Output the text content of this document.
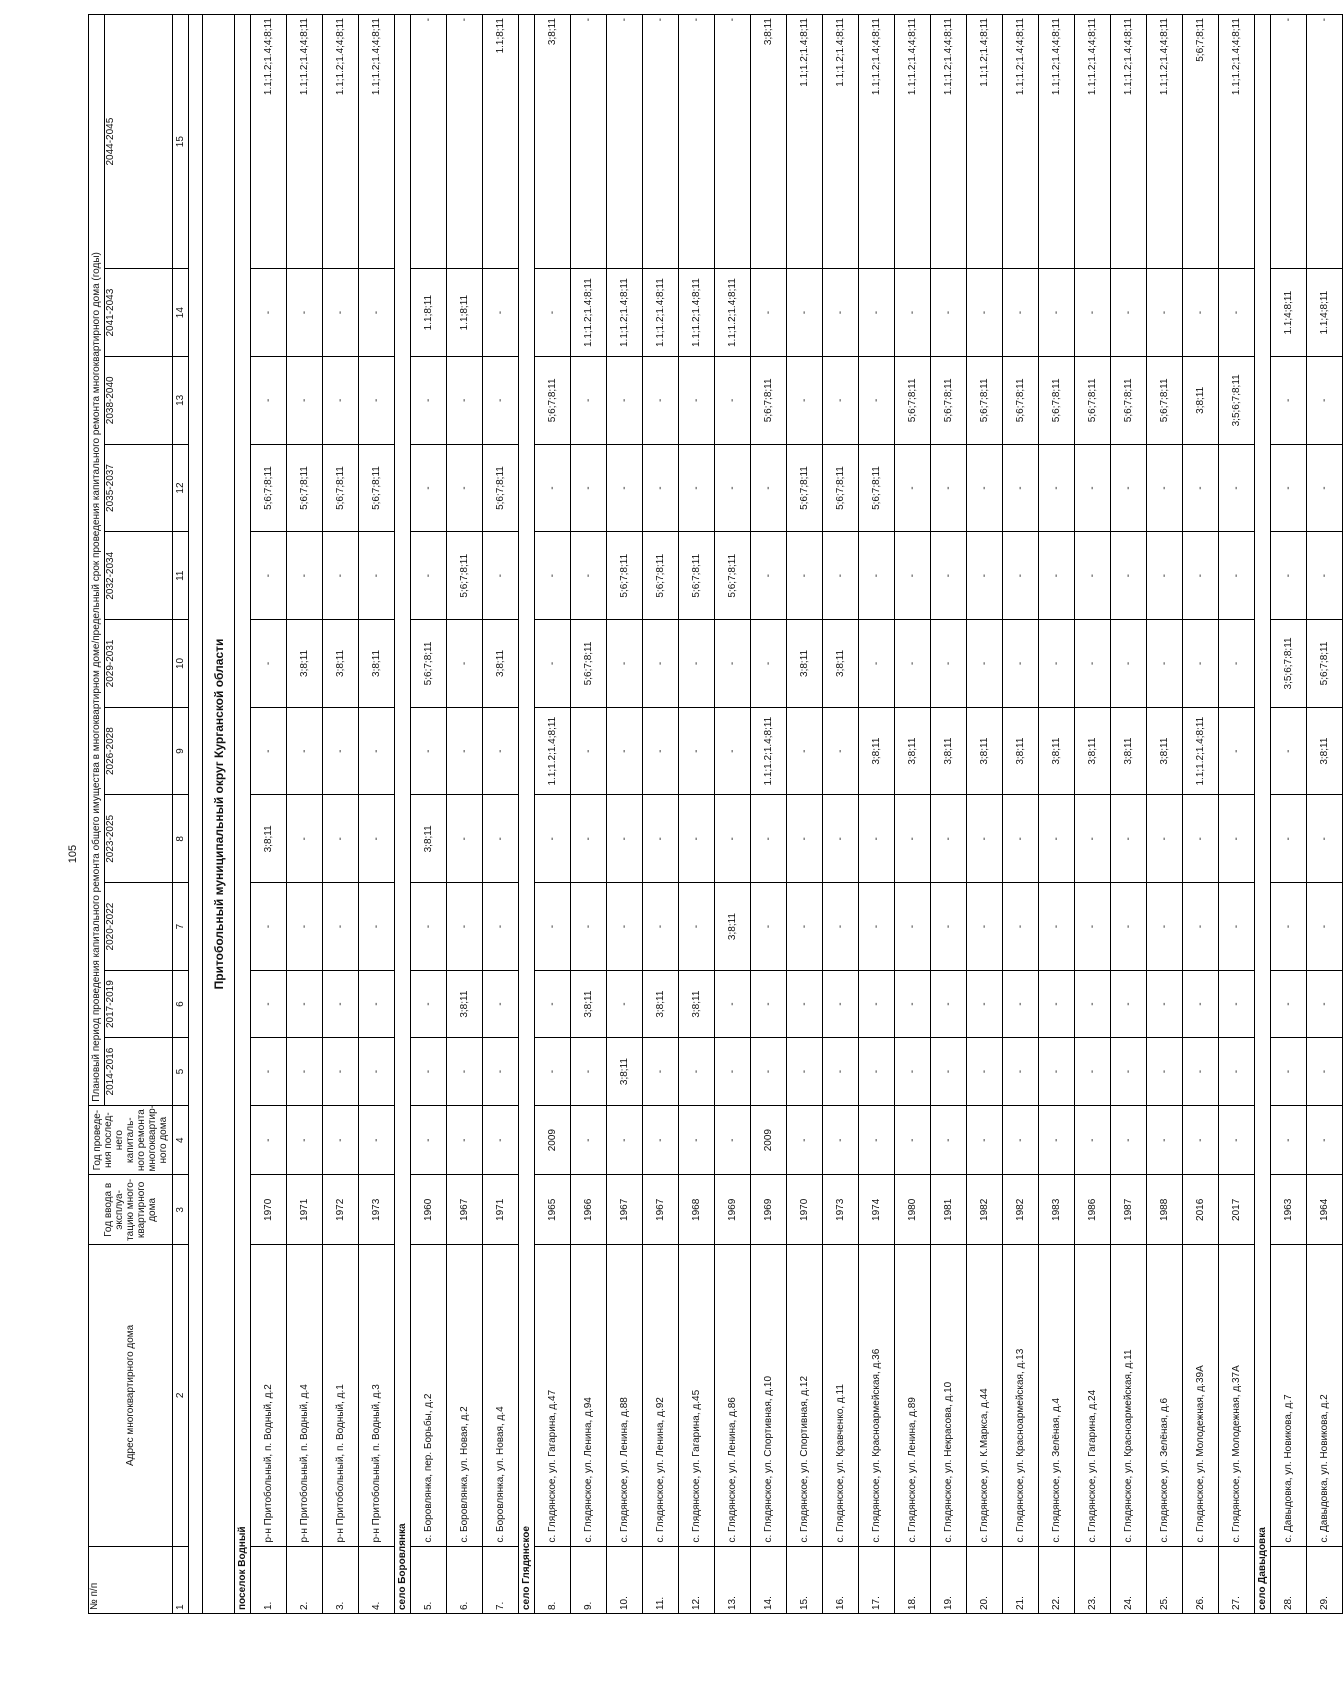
105
№ п/п	Адрес многоквартирного дома	Год ввода в эксплуа- тацию много- квартирного дома	Год проведе- ния послед- него капиталь- ного ремонта многоквартир- ного дома	Плановый период проведения капитального ремонта общего имущества в многоквартирном доме/предельный срок проведения капитального ремонта многоквартирного дома (годы)										
				2014-2016	2017-2019	2020-2022	2023-2025	2026-2028	2029-2031	2032-2034	2035-2037	2038-2040	2041-2043	2044-2045
1	2	3	4	5	6	7	8	9	10	11	12	13	14	15

Притобольный муниципальный округ Курганской области														
поселок Водный														
1.	р-н Притобольный, п. Водный, д.2	1970	-	-	-	-	3;8;11	-	-	-	5;6;7;8;11	-	-	1.1;1.2;1.4;4;8;11
2.	р-н Притобольный, п. Водный, д.4	1971	-	-	-	-	-	-	3;8;11	-	5;6;7;8;11	-	-	1.1;1.2;1.4;4;8;11
3.	р-н Притобольный, п. Водный, д.1	1972	-	-	-	-	-	-	3;8;11	-	5;6;7;8;11	-	-	1.1;1.2;1.4;4;8;11
4.	р-н Притобольный, п. Водный, д.3	1973	-	-	-	-	-	-	3;8;11	-	5;6;7;8;11	-	-	1.1;1.2;1.4;4;8;11
село Боровлянка														
5.	с. Боровлянка, пер. Борьбы, д.2	1960	-	-	-	-	3;8;11	-	5;6;7;8;11	-	-	-	1.1;8;11	-
6.	с. Боровлянка, ул. Новая, д.2	1967	-	-	3;8;11	-	-	-	-	5;6;7;8;11	-	-	1.1;8;11	-
7.	с. Боровлянка, ул. Новая, д.4	1971	-	-	-	-	-	-	3;8;11	-	5;6;7;8;11	-	-	1.1;8;11
село Глядянское														
8.	с. Глядянское, ул. Гагарина, д.47	1965	2009	-	-	-	-	1.1;1.2;1.4;8;11	-	-	-	5;6;7;8;11	-	3;8;11
9.	с. Глядянское, ул. Ленина, д.94	1966	-	-	3;8;11	-	-	-	5;6;7;8;11	-	-	-	1.1;1.2;1.4;8;11	-
10.	с. Глядянское, ул. Ленина, д.88	1967	-	3;8;11	-	-	-	-	-	5;6;7;8;11	-	-	1.1;1.2;1.4;8;11	-
11.	с. Глядянское, ул. Ленина, д.92	1967	-	-	3;8;11	-	-	-	-	5;6;7;8;11	-	-	1.1;1.2;1.4;8;11	-
12.	с. Глядянское, ул. Гагарина, д.45	1968	-	-	3;8;11	-	-	-	-	5;6;7;8;11	-	-	1.1;1.2;1.4;8;11	-
13.	с. Глядянское, ул. Ленина, д.86	1969	-	-	-	3;8;11	-	-	-	5;6;7;8;11	-	-	1.1;1.2;1.4;8;11	-
14.	с. Глядянское, ул. Спортивная, д.10	1969	2009	-	-	-	-	1.1;1.2;1.4;8;11	-	-	-	5;6;7;8;11	-	3;8;11
15.	с. Глядянское, ул. Спортивная, д.12	1970	-	-	-	-	-	-	3;8;11	-	5;6;7;8;11	-	-	1.1;1.2;1.4;8;11
16.	с. Глядянское, ул. Кравченко, д.11	1973	-	-	-	-	-	-	3;8;11	-	5;6;7;8;11	-	-	1.1;1.2;1.4;8;11
17.	с. Глядянское, ул. Красноармейская, д.36	1974	-	-	-	-	-	3;8;11	-	-	5;6;7;8;11	-	-	1.1;1.2;1.4;4;8;11
18.	с. Глядянское, ул. Ленина, д.89	1980	-	-	-	-	-	3;8;11	-	-	-	5;6;7;8;11	-	1.1;1.2;1.4;4;8;11
19.	с. Глядянское, ул. Некрасова, д.10	1981	-	-	-	-	-	3;8;11	-	-	-	5;6;7;8;11	-	1.1;1.2;1.4;4;8;11
20.	с. Глядянское, ул. К.Маркса, д.44	1982	-	-	-	-	-	3;8;11	-	-	-	5;6;7;8;11	-	1.1;1.2;1.4;8;11
21.	с. Глядянское, ул. Красноармейская, д.13	1982	-	-	-	-	-	3;8;11	-	-	-	5;6;7;8;11	-	1.1;1.2;1.4;4;8;11
22.	с. Глядянское, ул. Зелёная, д.4	1983	-	-	-	-	-	3;8;11	-	-	-	5;6;7;8;11	-	1.1;1.2;1.4;4;8;11
23.	с. Глядянское, ул. Гагарина, д.24	1986	-	-	-	-	-	3;8;11	-	-	-	5;6;7;8;11	-	1.1;1.2;1.4;4;8;11
24.	с. Глядянское, ул. Красноармейская, д.11	1987	-	-	-	-	-	3;8;11	-	-	-	5;6;7;8;11	-	1.1;1.2;1.4;4;8;11
25.	с. Глядянское, ул. Зелёная, д.6	1988	-	-	-	-	-	3;8;11	-	-	-	5;6;7;8;11	-	1.1;1.2;1.4;4;8;11
26.	с. Глядянское, ул. Молодежная, д.39А	2016	-	-	-	-	-	1.1;1.2;1.4;8;11	-	-	-	3;8;11	-	5;6;7;8;11
27.	с. Глядянское, ул. Молодежная, д.37А	2017	-	-	-	-	-	-	-	-	-	3;5;6;7;8;11	-	1.1;1.2;1.4;4;8;11
село Давыдовка														
28.	с. Давыдовка, ул. Новикова, д.7	1963	-	-	-	-	-	-	3;5;6;7;8;11	-	-	-	1.1;4;8;11	-
29.	с. Давыдовка, ул. Новикова, д.2	1964	-	-	-	-	-	3;8;11	5;6;7;8;11	-	-	-	1.1;4;8;11	-
